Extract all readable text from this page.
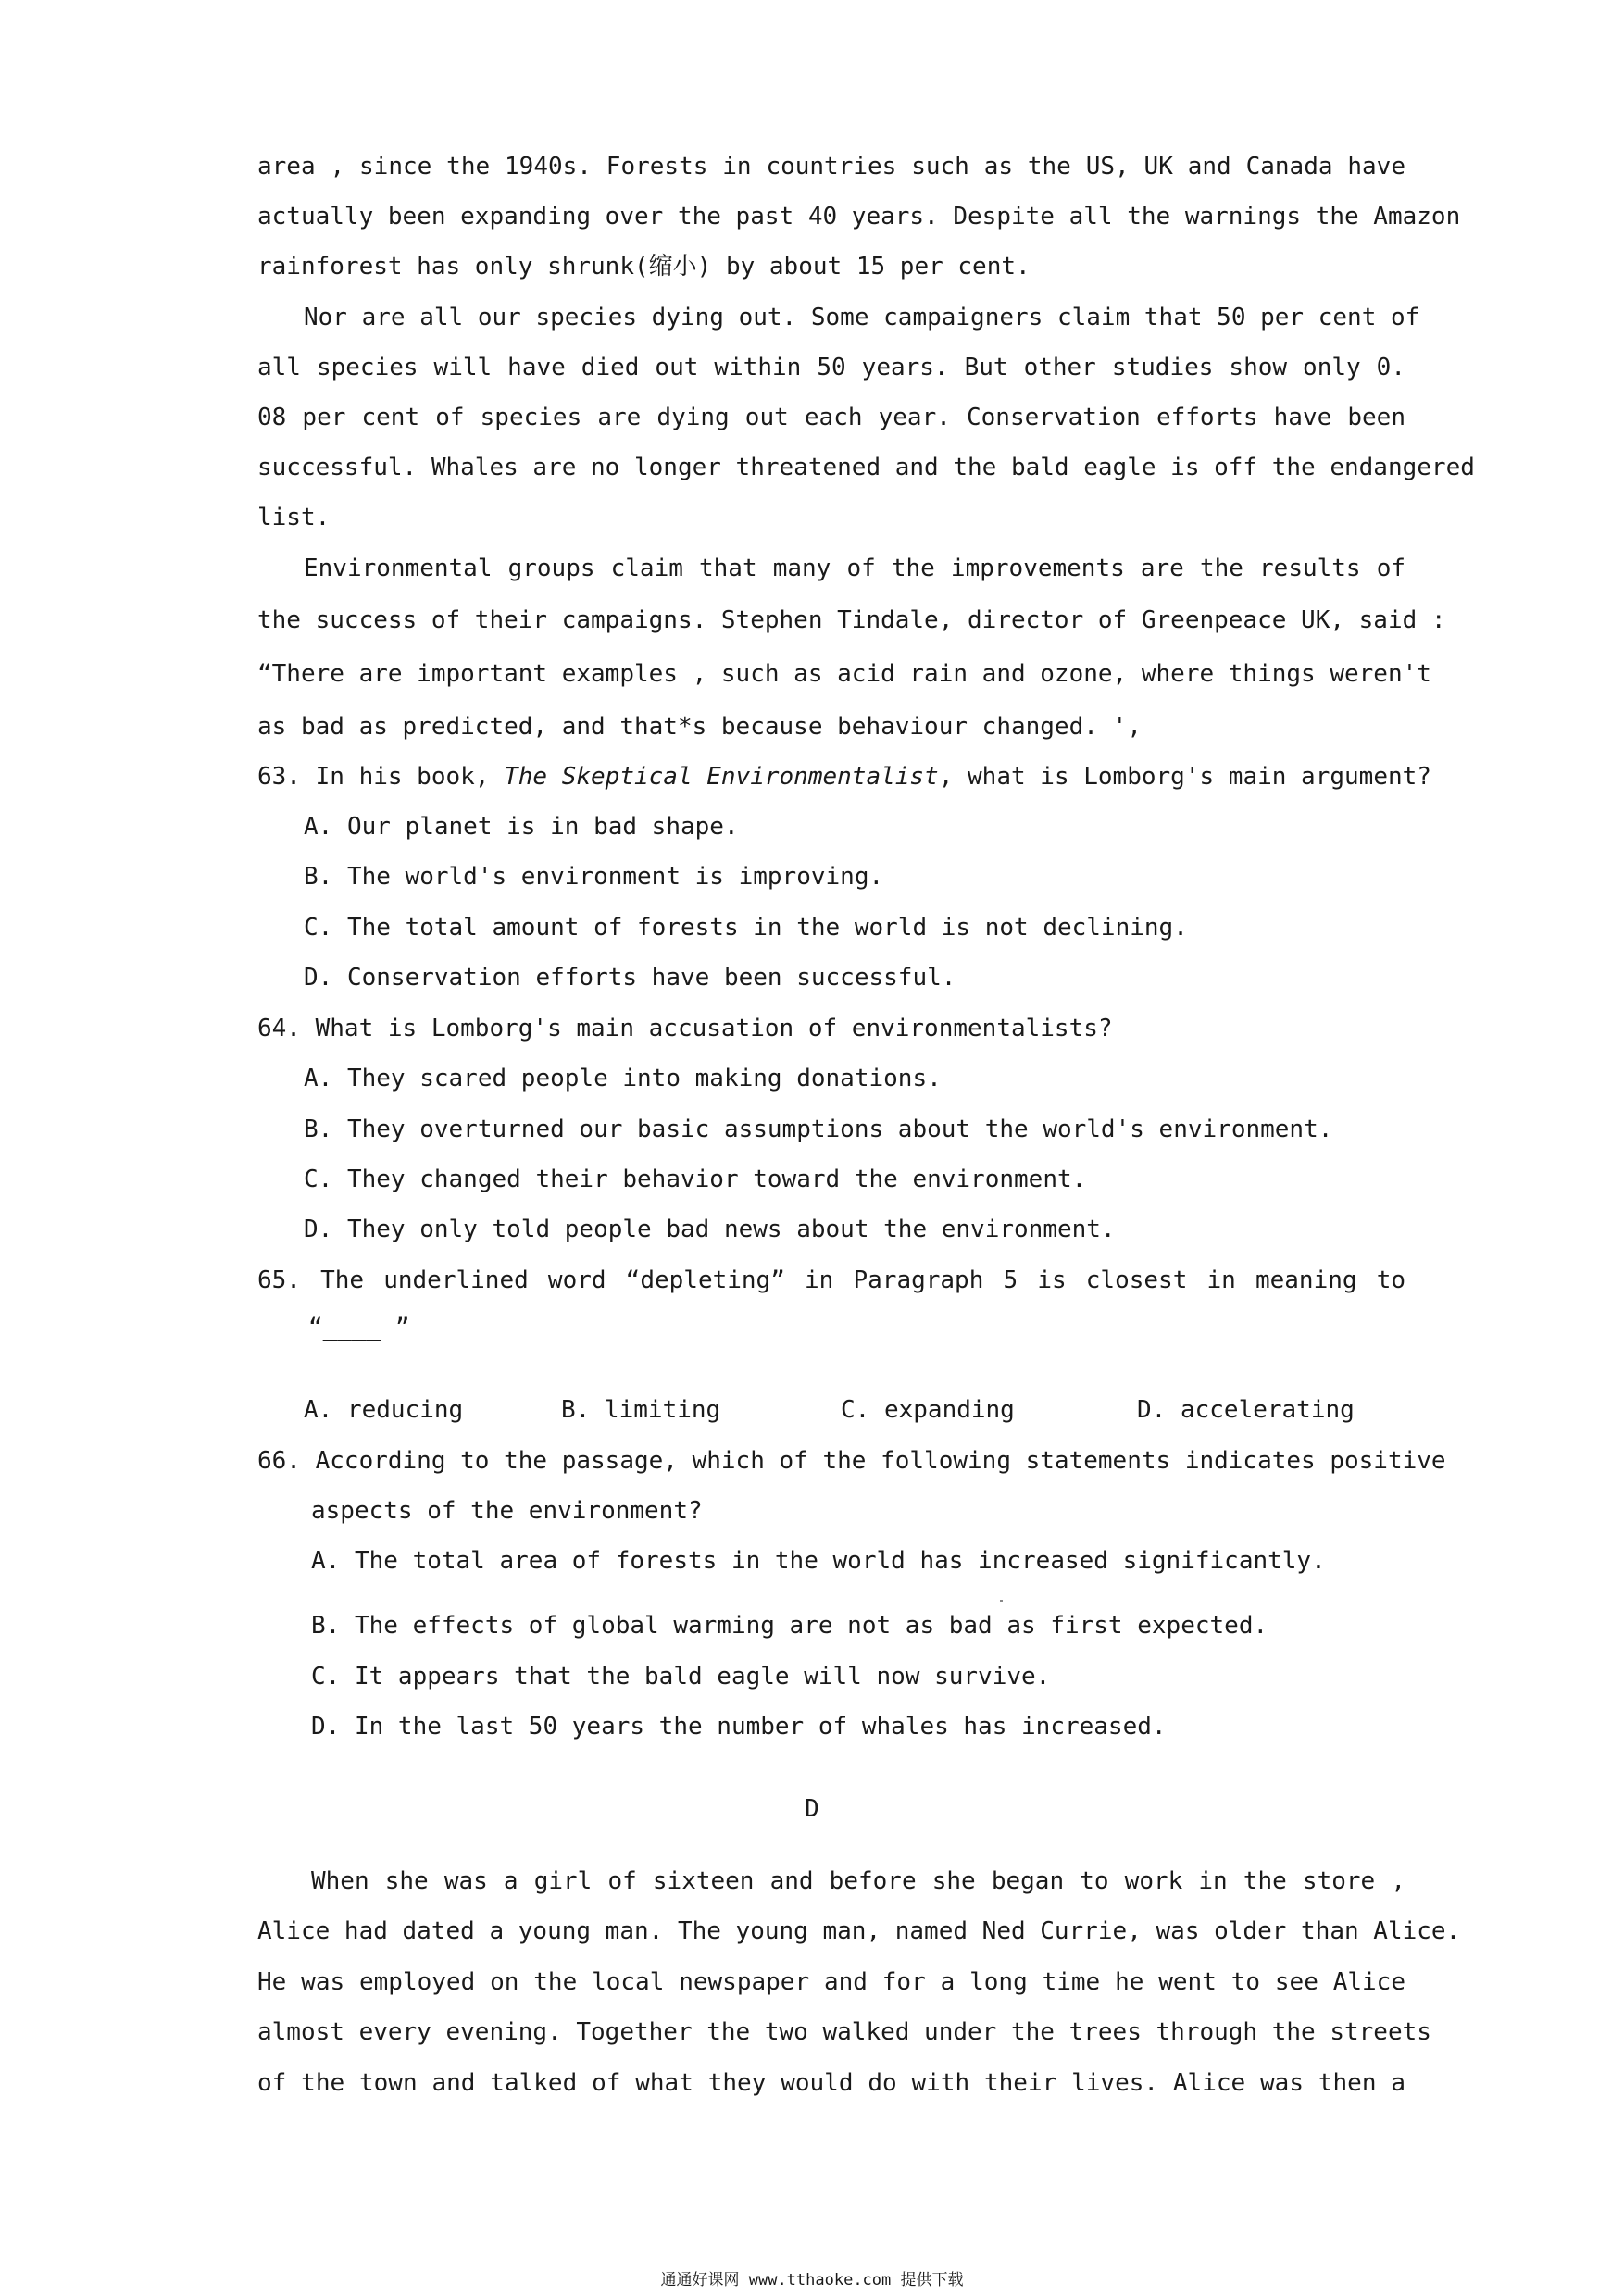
area , since the 1940s. Forests in countries such as the US, UK and Canada have

actually been expanding over the past 40 years. Despite all the warnings the Amazon

rainforest has only shrunk(缩小) by about 15 per cent.

Nor are all our species dying out. Some campaigners claim that 50 per cent of

all species will have died out within 50 years. But other studies show only 0.

08 per cent of species are dying out each year. Conservation efforts have been

successful. Whales are no longer threatened and the bald eagle is off the endangered

list.

Environmental groups claim that many of the improvements are the results of

the success of their campaigns. Stephen Tindale, director of Greenpeace UK, said :

“There are important examples , such as acid rain and ozone, where things weren't

as bad as predicted, and that*s because behaviour changed. ',

63. In his book, The Skeptical Environmentalist, what is Lomborg's main argument?

A. Our planet is in bad shape.

B. The world's environment is improving.

C. The total amount of forests in the world is not declining.

D. Conservation efforts have been successful.

64. What is Lomborg's main accusation of environmentalists?

A. They scared people into making donations.

B. They overturned our basic assumptions about the world's environment.

C. They changed their behavior toward the environment.

D. They only told people bad news about the environment.

65. The underlined word “depleting” in Paragraph 5 is closest in meaning to

“____ ”

A. reducing	B. limiting	C. expanding	D. accelerating

66. According to the passage, which of the following statements indicates positive

aspects of the environment?

A. The total area of forests in the world has increased significantly.

B. The effects of global warming are not as bad as first expected.

C. It appears that the bald eagle will now survive.

D. In the last 50 years the number of whales has increased.

D

When she was a girl of sixteen and before she began to work in the store ,

Alice had dated a young man. The young man, named Ned Currie, was older than Alice.

He was employed on the local newspaper and for a long time he went to see Alice

almost every evening. Together the two walked under the trees through the streets

of the town and talked of what they would do with their lives. Alice was then a

通通好课网 www.tthaoke.com 提供下载
